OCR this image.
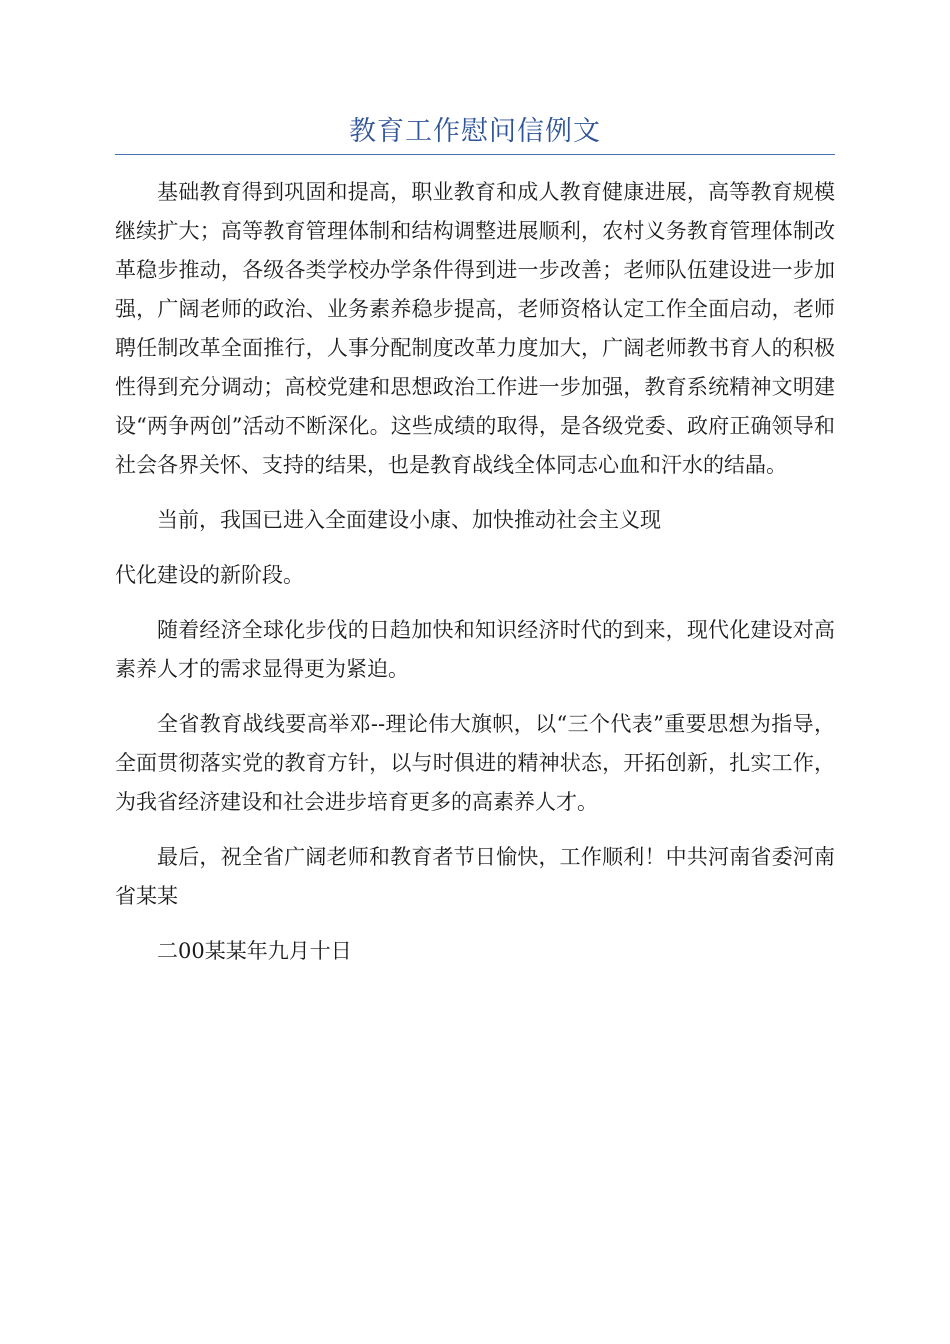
教育工作慰问信例文

基础教育得到巩固和提高，职业教育和成人教育健康进展，高等教育规模继续扩大；高等教育管理体制和结构调整进展顺利，农村义务教育管理体制改革稳步推动，各级各类学校办学条件得到进一步改善；老师队伍建设进一步加强，广阔老师的政治、业务素养稳步提高，老师资格认定工作全面启动，老师聘任制改革全面推行，人事分配制度改革力度加大，广阔老师教书育人的积极性得到充分调动；高校党建和思想政治工作进一步加强，教育系统精神文明建设“两争两创”活动不断深化。这些成绩的取得，是各级党委、政府正确领导和社会各界关怀、支持的结果，也是教育战线全体同志心血和汗水的结晶。

当前，我国已进入全面建设小康、加快推动社会主义现

代化建设的新阶段。

随着经济全球化步伐的日趋加快和知识经济时代的到来，现代化建设对高素养人才的需求显得更为紧迫。

全省教育战线要高举邓--理论伟大旗帜，以“三个代表”重要思想为指导，全面贯彻落实党的教育方针，以与时俱进的精神状态，开拓创新，扎实工作，为我省经济建设和社会进步培育更多的高素养人才。

最后，祝全省广阔老师和教育者节日愉快，工作顺利！中共河南省委河南省某某

二00某某年九月十日
